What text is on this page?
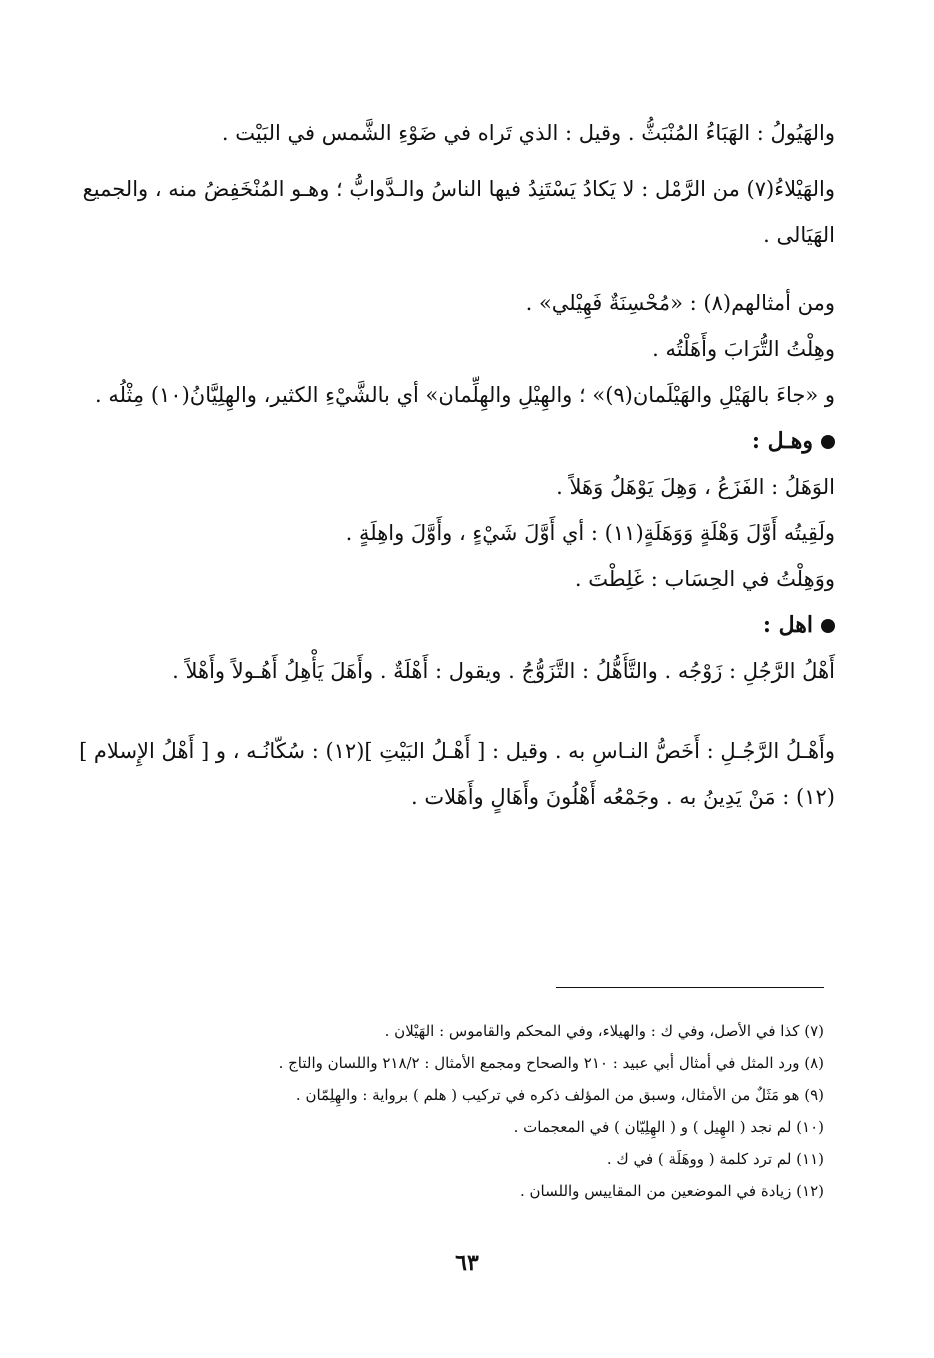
والهَيُولُ : الهَبَاءُ المُنْبَثُّ . وقيل : الذي تَراه في ضَوْءِ الشَّمس في البَيْت .

والهَيْلاءُ(٧) من الرَّمْل : لا يَكادُ يَسْتَنِدُ فيها الناسُ والـدَّوابُّ ؛ وهـو المُنْخَفِضُ منه ، والجميع الهَيَالى .

ومن أمثالهم(٨) : «مُحْسِنَةٌ فَهِيْلي» .

وهِلْتُ التُّرَابَ وأَهَلْتُه .

و «جاءَ بالهَيْلِ والهَيْلَمان(٩)» ؛ والهِيْلِ والهِلِّمان» أي بالشَّيْءِ الكثير، والهِلِيَّانُ(١٠) مِثْلُه .

وهـل :

الوَهَلُ : الفَزَعُ ، وَهِلَ يَوْهَلُ وَهَلاً .

ولَقِيتُه أَوَّلَ وَهْلَةٍ وَوَهَلَةٍ(١١) : أي أَوَّلَ شَيْءٍ ، وأَوَّلَ واهِلَةٍ .

ووَهِلْتُ في الحِسَاب : غَلِطْتَ .

اهل :

أَهْلُ الرَّجُلِ : زَوْجُه . والتَّأَهُّلُ : التَّزَوُّجُ . ويقول : أَهْلَةٌ . وأَهَلَ يَأْهِلُ أَهُـولاً وأَهْلاً .

وأَهْـلُ الرَّجُـلِ : أَخَصُّ النـاسِ به . وقيل : [ أَهْـلُ البَيْتِ ](١٢) : سُكّانُـه ، و [ أَهْلُ الإِسلام ](١٢) : مَنْ يَدِينُ به . وجَمْعُه أَهْلُونَ وأَهَالٍ وأَهَلات .

(٧) كذا في الأصل، وفي ك : والهيلاء، وفي المحكم والقاموس : الهَيْلان .

(٨) ورد المثل في أمثال أبي عبيد : ٢١٠ والصحاح ومجمع الأمثال : ٢١٨/٢ واللسان والتاج .

(٩) هو مَثَلٌ من الأمثال، وسبق من المؤلف ذكره في تركيب ( هلم ) برواية : والهِلِمّان .

(١٠) لم نجد ( الهِيل ) و ( الهِلِيّان ) في المعجمات .

(١١) لم ترد كلمة ( ووهَلَة ) في ك .

(١٢) زيادة في الموضعين من المقاييس واللسان .

٦٣
